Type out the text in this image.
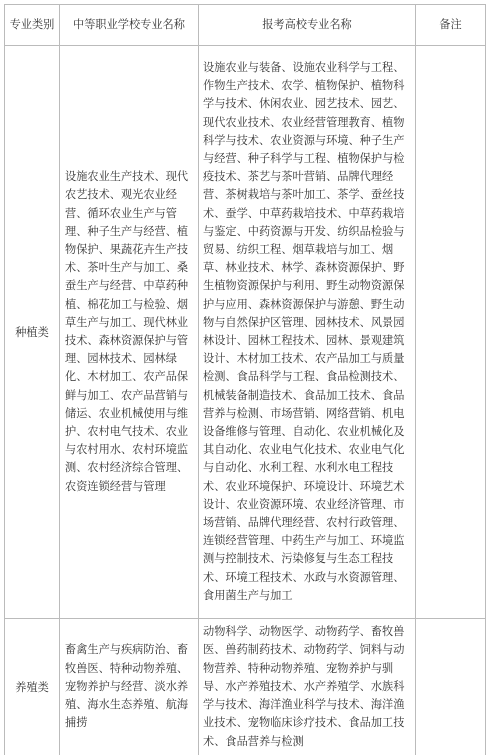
专业类别	中等职业学校专业名称	报考高校专业名称	备注
种植类	设施农业生产技术、现代农艺技术、观光农业经营、循环农业生产与管理、种子生产与经营、植物保护、果蔬花卉生产技术、茶叶生产与加工、桑蚕生产与经营、中草药种植、棉花加工与检验、烟草生产与加工、现代林业技术、森林资源保护与管理、园林技术、园林绿化、木材加工、农产品保鲜与加工、农产品营销与储运、农业机械使用与维护、农村电气技术、农业与农村用水、农村环境监测、农村经济综合管理、农资连锁经营与管理	设施农业与装备、设施农业科学与工程、作物生产技术、农学、植物保护、植物科学与技术、休闲农业、园艺技术、园艺、现代农业技术、农业经营管理教育、植物科学与技术、农业资源与环境、种子生产与经营、种子科学与工程、植物保护与检疫技术、茶艺与茶叶营销、品牌代理经营、茶树栽培与茶叶加工、茶学、蚕丝技术、蚕学、中草药栽培技术、中草药栽培与鉴定、中药资源与开发、纺织品检验与贸易、纺织工程、烟草栽培与加工、烟草、林业技术、林学、森林资源保护、野生植物资源保护与利用、野生动物资源保护与应用、森林资源保护与游憩、野生动物与自然保护区管理、园林技术、风景园林设计、园林工程技术、园林、景观建筑设计、木材加工技术、农产品加工与质量检测、食品科学与工程、食品检测技术、机械装备制造技术、食品加工技术、食品营养与检测、市场营销、网络营销、机电设备维修与管理、自动化、农业机械化及其自动化、农业电气化技术、农业电气化与自动化、水利工程、水利水电工程技术、农业环境保护、环境设计、环境艺术设计、农业资源环境、农业经济管理、市场营销、品牌代理经营、农村行政管理、连锁经营管理、中药生产与加工、环境监测与控制技术、污染修复与生态工程技术、环境工程技术、水政与水资源管理、食用菌生产与加工	
养殖类	畜禽生产与疾病防治、畜牧兽医、特种动物养殖、宠物养护与经营、淡水养殖、海水生态养殖、航海捕捞	动物科学、动物医学、动物药学、畜牧兽医、兽药制药技术、动物药学、饲料与动物营养、特种动物养殖、宠物养护与驯导、水产养殖技术、水产养殖学、水族科学与技术、海洋渔业科学与技术、海洋渔业技术、宠物临床诊疗技术、食品加工技术、食品营养与检测	
